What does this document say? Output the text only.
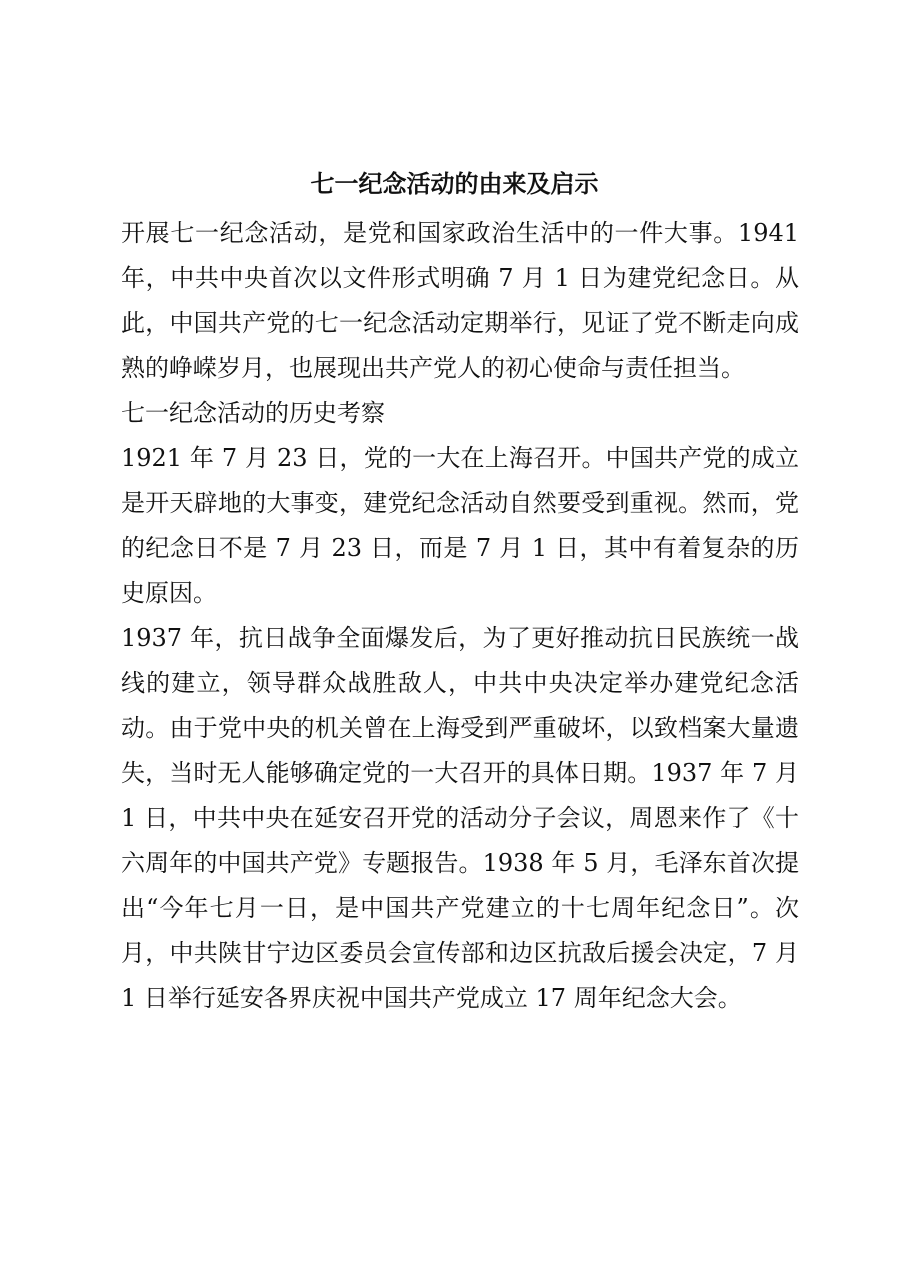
七一纪念活动的由来及启示

开展七一纪念活动，是党和国家政治生活中的一件大事。1941年，中共中央首次以文件形式明确 7 月 1 日为建党纪念日。从此，中国共产党的七一纪念活动定期举行，见证了党不断走向成熟的峥嵘岁月，也展现出共产党人的初心使命与责任担当。

七一纪念活动的历史考察

1921 年 7 月 23 日，党的一大在上海召开。中国共产党的成立是开天辟地的大事变，建党纪念活动自然要受到重视。然而，党的纪念日不是 7 月 23 日，而是 7 月 1 日，其中有着复杂的历史原因。

1937 年，抗日战争全面爆发后，为了更好推动抗日民族统一战线的建立，领导群众战胜敌人，中共中央决定举办建党纪念活动。由于党中央的机关曾在上海受到严重破坏，以致档案大量遗失，当时无人能够确定党的一大召开的具体日期。1937 年 7 月 1 日，中共中央在延安召开党的活动分子会议，周恩来作了《十六周年的中国共产党》专题报告。1938 年 5 月，毛泽东首次提出“今年七月一日，是中国共产党建立的十七周年纪念日”。次月，中共陕甘宁边区委员会宣传部和边区抗敌后援会决定，7 月 1 日举行延安各界庆祝中国共产党成立 17 周年纪念大会。
